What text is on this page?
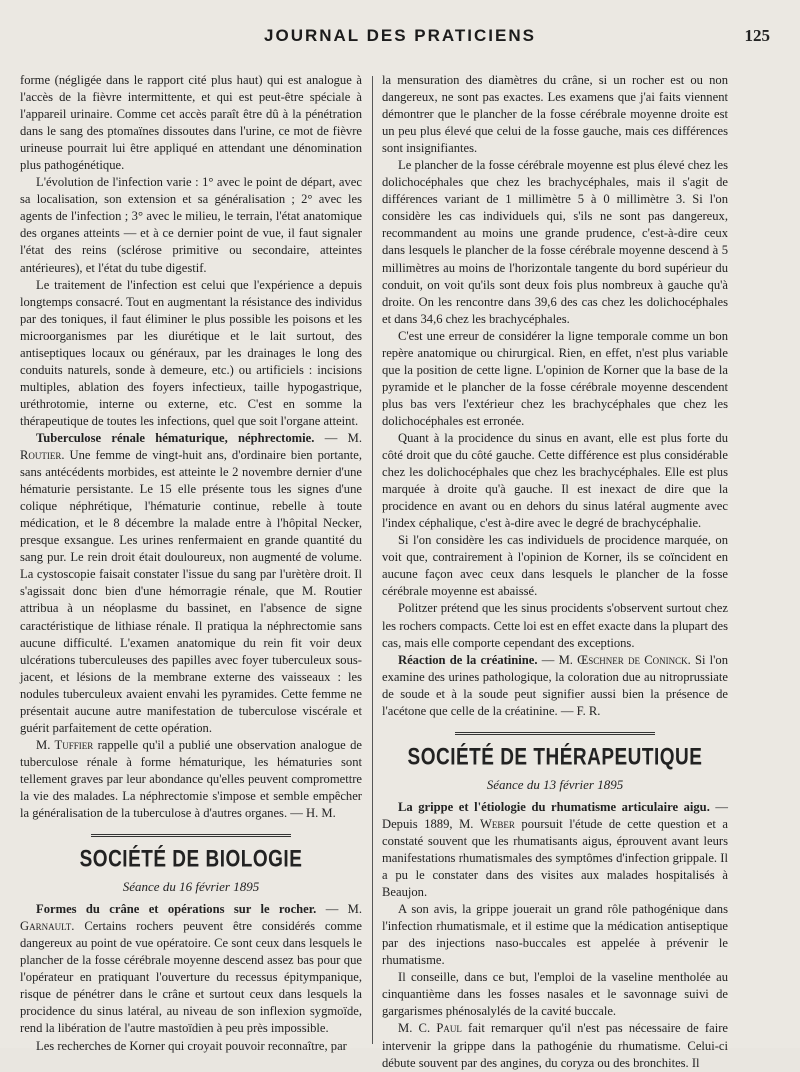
JOURNAL DES PRATICIENS	125

forme (négligée dans le rapport cité plus haut) qui est analogue à l'accès de la fièvre intermittente, et qui est peut-être spéciale à l'appareil urinaire. Comme cet accès paraît être dû à la pénétration dans le sang des ptomaïnes dissoutes dans l'urine, ce mot de fièvre urineuse pourrait lui être appliqué en attendant une dénomination plus pathogénétique.

L'évolution de l'infection varie : 1° avec le point de départ, avec sa localisation, son extension et sa généralisation ; 2° avec les agents de l'infection ; 3° avec le milieu, le terrain, l'état anatomique des organes atteints — et à ce dernier point de vue, il faut signaler l'état des reins (sclérose primitive ou secondaire, atteintes antérieures), et l'état du tube digestif.

Le traitement de l'infection est celui que l'expérience a depuis longtemps consacré. Tout en augmentant la résistance des individus par des toniques, il faut éliminer le plus possible les poisons et les microorganismes par les diurétique et le lait surtout, des antiseptiques locaux ou généraux, par les drainages le long des conduits naturels, sonde à demeure, etc.) ou artificiels : incisions multiples, ablation des foyers infectieux, taille hypogastrique, uréthrotomie, interne ou externe, etc. C'est en somme la thérapeutique de toutes les infections, quel que soit l'organe atteint.

Tuberculose rénale hématurique, néphrectomie. — M. Routier. Une femme de vingt-huit ans, d'ordinaire bien portante, sans antécédents morbides, est atteinte le 2 novembre dernier d'une hématurie persistante. Le 15 elle présente tous les signes d'une colique néphrétique, l'hématurie continue, rebelle à toute médication, et le 8 décembre la malade entre à l'hôpital Necker, presque exsangue. Les urines renfermaient en grande quantité du sang pur. Le rein droit était douloureux, non augmenté de volume. La cystoscopie faisait constater l'issue du sang par l'urètère droit. Il s'agissait donc bien d'une hémorragie rénale, que M. Routier attribua à un néoplasme du bassinet, en l'absence de signe caractéristique de lithiase rénale. Il pratiqua la néphrectomie sans aucune difficulté. L'examen anatomique du rein fit voir deux ulcérations tuberculeuses des papilles avec foyer tuberculeux sous-jacent, et lésions de la membrane externe des vaisseaux : les nodules tuberculeux avaient envahi les pyramides. Cette femme ne présentait aucune autre manifestation de tuberculose viscérale et guérit parfaitement de cette opération.

M. Tuffier rappelle qu'il a publié une observation analogue de tuberculose rénale à forme hématurique, les hématuries sont tellement graves par leur abondance qu'elles peuvent compromettre la vie des malades. La néphrectomie s'impose et semble empêcher la généralisation de la tuberculose à d'autres organes. — H. M.

SOCIÉTÉ DE BIOLOGIE
Séance du 16 février 1895

Formes du crâne et opérations sur le rocher. — M. Garnault. Certains rochers peuvent être considérés comme dangereux au point de vue opératoire. Ce sont ceux dans lesquels le plancher de la fosse cérébrale moyenne descend assez bas pour que l'opérateur en pratiquant l'ouverture du recessus épitympanique, risque de pénétrer dans le crâne et surtout ceux dans lesquels la procidence du sinus latéral, au niveau de son inflexion sygmoïde, rend la libération de l'autre mastoïdien à peu près impossible.

Les recherches de Korner qui croyait pouvoir reconnaître, par

la mensuration des diamètres du crâne, si un rocher est ou non dangereux, ne sont pas exactes. Les examens que j'ai faits viennent démontrer que le plancher de la fosse cérébrale moyenne droite est un peu plus élevé que celui de la fosse gauche, mais ces différences sont insignifiantes.

Le plancher de la fosse cérébrale moyenne est plus élevé chez les dolichocéphales que chez les brachycéphales, mais il s'agit de différences variant de 1 millimètre 5 à 0 millimètre 3. Si l'on considère les cas individuels qui, s'ils ne sont pas dangereux, recommandent au moins une grande prudence, c'est-à-dire ceux dans lesquels le plancher de la fosse cérébrale moyenne descend à 5 millimètres au moins de l'horizontale tangente du bord supérieur du conduit, on voit qu'ils sont deux fois plus nombreux à gauche qu'à droite. On les rencontre dans 39,6 des cas chez les dolichocéphales et dans 34,6 chez les brachycéphales.

C'est une erreur de considérer la ligne temporale comme un bon repère anatomique ou chirurgical. Rien, en effet, n'est plus variable que la position de cette ligne. L'opinion de Korner que la base de la pyramide et le plancher de la fosse cérébrale moyenne descendent plus bas vers l'extérieur chez les brachycéphales que chez les dolichocéphales est erronée.

Quant à la procidence du sinus en avant, elle est plus forte du côté droit que du côté gauche. Cette différence est plus considérable chez les dolichocéphales que chez les brachycéphales. Elle est plus marquée à droite qu'à gauche. Il est inexact de dire que la procidence en avant ou en dehors du sinus latéral augmente avec l'index céphalique, c'est à-dire avec le degré de brachycéphalie.

Si l'on considère les cas individuels de procidence marquée, on voit que, contrairement à l'opinion de Korner, ils se coïncident en aucune façon avec ceux dans lesquels le plancher de la fosse cérébrale moyenne est abaissé.

Politzer prétend que les sinus procidents s'observent surtout chez les rochers compacts. Cette loi est en effet exacte dans la plupart des cas, mais elle comporte cependant des exceptions.

Réaction de la créatinine. — M. Œschner de Coninck. Si l'on examine des urines pathologique, la coloration due au nitroprussiate de soude et à la soude peut signifier aussi bien la présence de l'acétone que celle de la créatinine. — F. R.

SOCIÉTÉ DE THÉRAPEUTIQUE
Séance du 13 février 1895

La grippe et l'étiologie du rhumatisme articulaire aigu. — Depuis 1889, M. Weber poursuit l'étude de cette question et a constaté souvent que les rhumatisants aigus, éprouvent avant leurs manifestations rhumatismales des symptômes d'infection grippale. Il a pu le constater dans des visites aux malades hospitalisés à Beaujon.

A son avis, la grippe jouerait un grand rôle pathogénique dans l'infection rhumatismale, et il estime que la médication antiseptique par des injections naso-buccales est appelée à prévenir le rhumatisme.

Il conseille, dans ce but, l'emploi de la vaseline mentholée au cinquantième dans les fosses nasales et le savonnage suivi de gargarismes phénosalylés de la cavité buccale.

M. C. Paul fait remarquer qu'il n'est pas nécessaire de faire intervenir la grippe dans la pathogénie du rhumatisme. Celui-ci débute souvent par des angines, du coryza ou des bronchites. Il
